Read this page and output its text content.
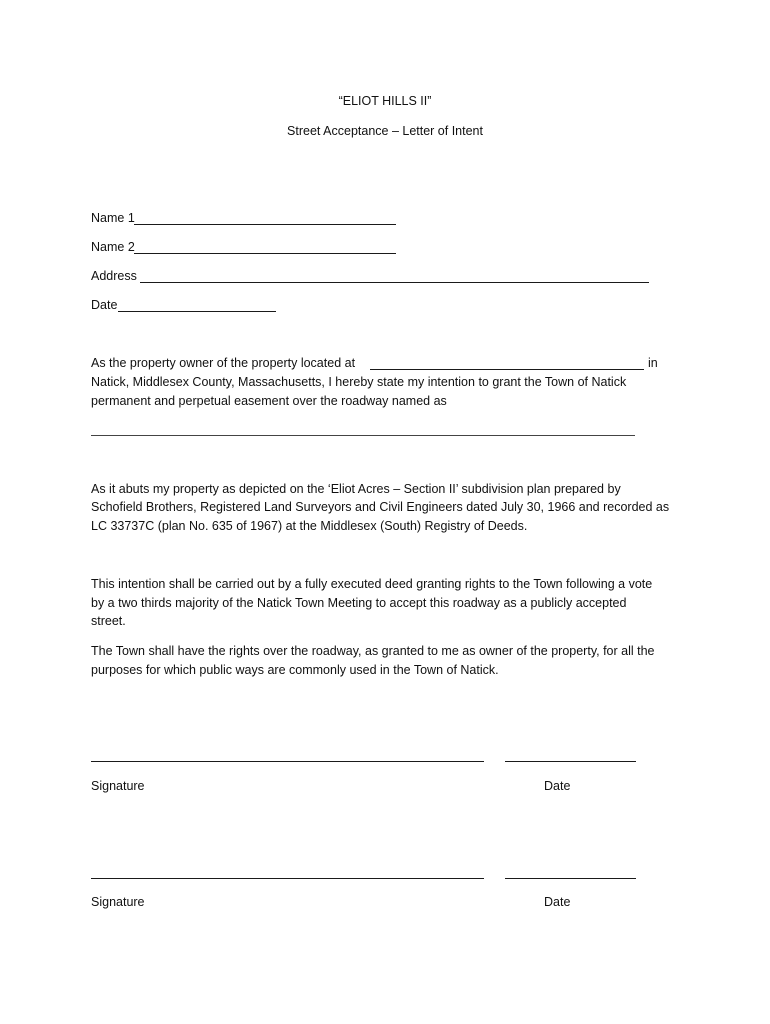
“ELIOT HILLS II”
Street Acceptance – Letter of Intent
Name 1
Name 2
Address
Date
As the property owner of the property located at	in
Natick, Middlesex County, Massachusetts, I hereby state my intention to grant the Town of Natick
permanent and perpetual easement over the roadway named as
As it abuts my property as depicted on the ‘Eliot Acres – Section II’ subdivision plan prepared by
Schofield Brothers, Registered Land Surveyors and Civil Engineers dated July 30, 1966 and recorded as
LC 33737C (plan No. 635 of 1967) at the Middlesex (South) Registry of Deeds.
This intention shall be carried out by a fully executed deed granting rights to the Town following a vote
by a two thirds majority of the Natick Town Meeting to accept this roadway as a publicly accepted
street.
The Town shall have the rights over the roadway, as granted to me as owner of the property, for all the
purposes for which public ways are commonly used in the Town of Natick.
Signature	Date
Signature	Date
